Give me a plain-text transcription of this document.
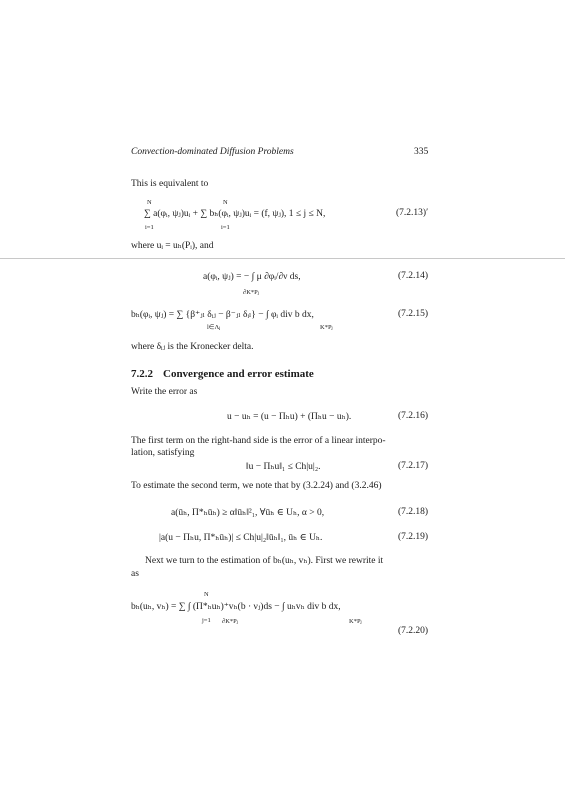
Convection-dominated Diffusion Problems	335
This is equivalent to
N	N
∑ a(φᵢ, ψⱼ)uᵢ + ∑ bₕ(φᵢ, ψⱼ)uᵢ = (f, ψⱼ), 1 ≤ j ≤ N,
i=1	i=1
(7.2.13)′
where uᵢ = uₕ(Pᵢ), and
a(φᵢ, ψⱼ) = − ∫ μ ∂φᵢ/∂ν ds,
∂K*Pⱼ
(7.2.14)
bₕ(φᵢ, ψⱼ) = ∑ {β⁺ⱼₗ δᵢⱼ − β⁻ⱼₗ δᵢₗ} − ∫ φᵢ div b dx,
l∈Λⱼ	K*Pⱼ
(7.2.15)
where δᵢⱼ is the Kronecker delta.
7.2.2 Convergence and error estimate
Write the error as
u − uₕ = (u − Πₕu) + (Πₕu − uₕ).	(7.2.16)
The first term on the right-hand side is the error of a linear interpo-
lation, satisfying
‖u − Πₕu‖₁ ≤ Ch|u|₂.	(7.2.17)
To estimate the second term, we note that by (3.2.24) and (3.2.46)
a(ūₕ, Π*ₕūₕ) ≥ α‖ūₕ‖²₁, ∀ūₕ ∈ Uₕ, α > 0,	(7.2.18)
|a(u − Πₕu, Π*ₕūₕ)| ≤ Ch|u|₂‖ūₕ‖₁, ūₕ ∈ Uₕ.	(7.2.19)
Next we turn to the estimation of bₕ(uₕ, vₕ). First we rewrite it
as
N
bₕ(uₕ, vₕ) = ∑ ∫ (Π*ₕuₕ)⁺vₕ(b · νⱼ)ds − ∫ uₕvₕ div b dx,
j=1 ∂K*Pⱼ	K*Pⱼ
(7.2.20)
